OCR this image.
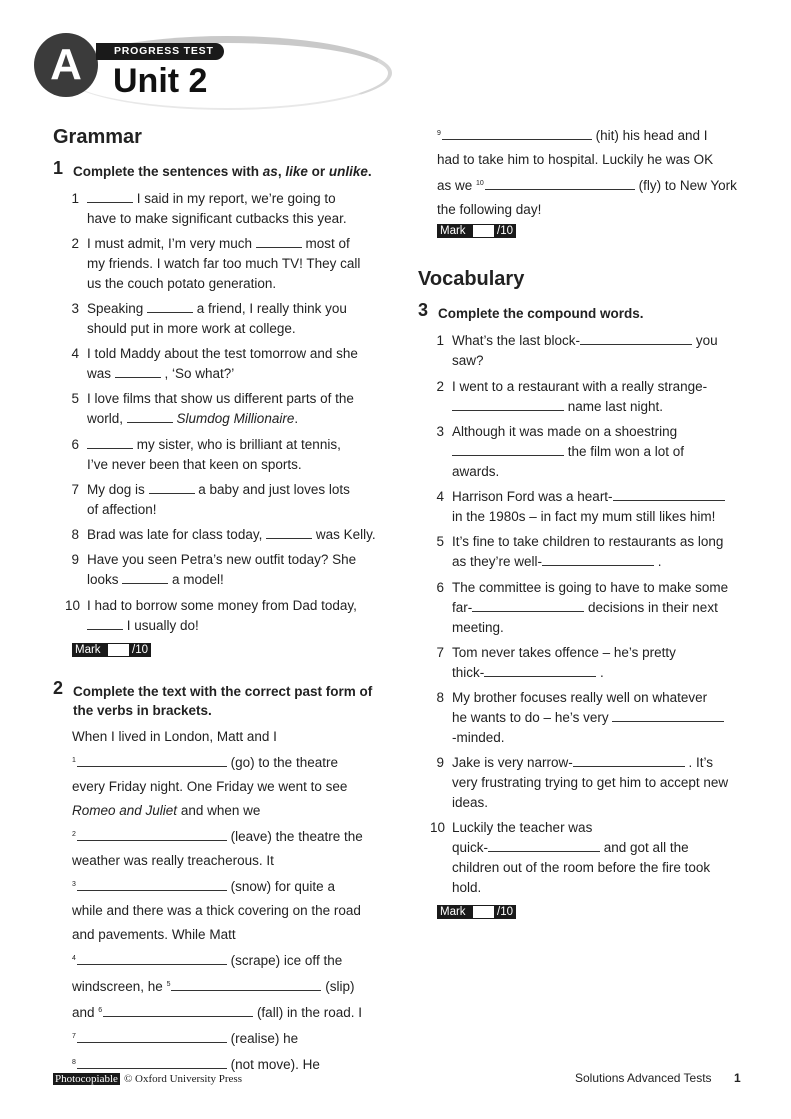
A	PROGRESS TEST
Unit 2
Grammar
1 Complete the sentences with as, like or unlike.
1	I said in my report, we’re going to
have to make significant cutbacks this year.
2 I must admit, I’m very much	most of
my friends. I watch far too much TV! They call
us the couch potato generation.
3 Speaking	a friend, I really think you
should put in more work at college.
4 I told Maddy about the test tomorrow and she
was	, ‘So what?’
5 I love films that show us different parts of the
world,	Slumdog Millionaire.
6	my sister, who is brilliant at tennis,
I’ve never been that keen on sports.
7 My dog is	a baby and just loves lots
of affection!
8 Brad was late for class today,	was Kelly.
9 Have you seen Petra’s new outfit today? She
looks	a model!
10 I had to borrow some money from Dad today,
I usually do!
Mark	/10
2 Complete the text with the correct past form of
the verbs in brackets.
When I lived in London, Matt and I
$^1$	(go) to the theatre
every Friday night. One Friday we went to see
Romeo and Juliet and when we
$^2$	(leave) the theatre the
weather was really treacherous. It
$^3$	(snow) for quite a
while and there was a thick covering on the road
and pavements. While Matt
$^4$	(scrape) ice off the
windscreen, he $^5$	(slip)
and $^6$	(fall) in the road. I
$^7$	(realise) he
$^8$	(not move). He
$^9$	(hit) his head and I
had to take him to hospital. Luckily he was OK
as we $^{10}$	(fly) to New York
the following day!
Mark	/10
Vocabulary
3 Complete the compound words.
1 What’s the last block-	you
saw?
2 I went to a restaurant with a really strange-
name last night.
3 Although it was made on a shoestring
the film won a lot of
awards.
4 Harrison Ford was a heart-
in the 1980s – in fact my mum still likes him!
5 It’s fine to take children to restaurants as long
as they’re well-	.
6 The committee is going to have to make some
far-	decisions in their next
meeting.
7 Tom never takes offence – he’s pretty
thick-	.
8 My brother focuses really well on whatever
he wants to do – he’s very
-minded.
9 Jake is very narrow-	. It’s
very frustrating trying to get him to accept new
ideas.
10 Luckily the teacher was
quick-	and got all the
children out of the room before the fire took
hold.
Mark	/10
Photocopiable © Oxford University Press	Solutions Advanced Tests 1
